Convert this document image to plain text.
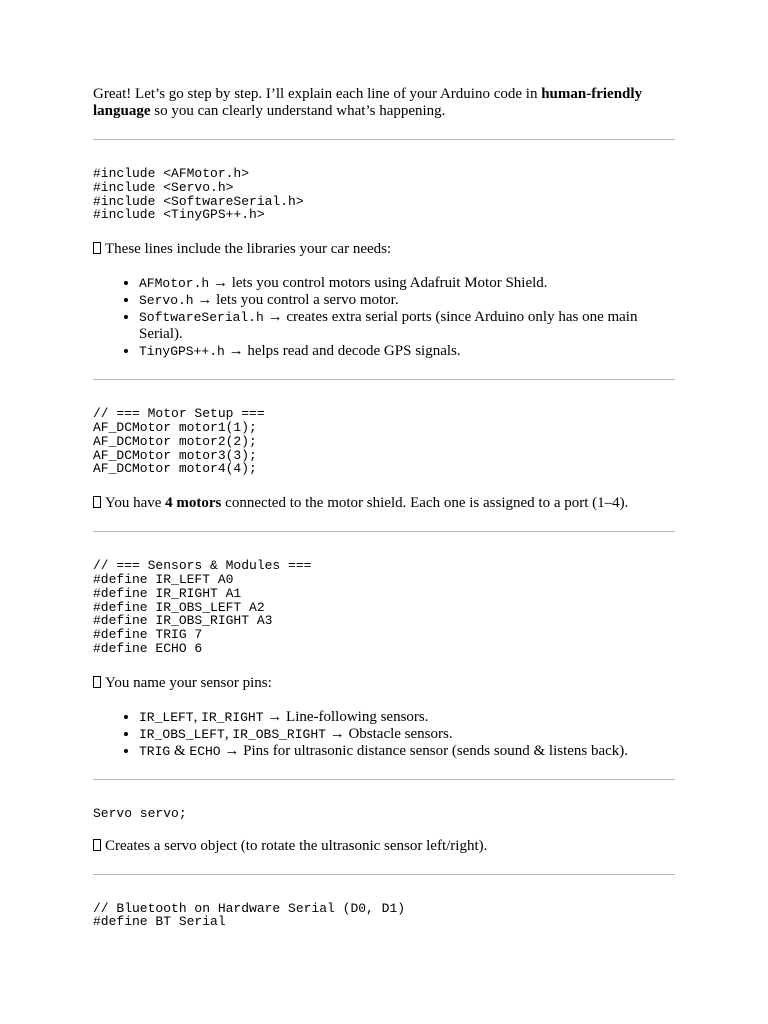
Great! Let’s go step by step. I’ll explain each line of your Arduino code in human-friendly language so you can clearly understand what’s happening.

#include <AFMotor.h>
#include <Servo.h>
#include <SoftwareSerial.h>
#include <TinyGPS++.h>

These lines include the libraries your car needs:

• AFMotor.h → lets you control motors using Adafruit Motor Shield.
• Servo.h → lets you control a servo motor.
• SoftwareSerial.h → creates extra serial ports (since Arduino only has one main Serial).
• TinyGPS++.h → helps read and decode GPS signals.
// === Motor Setup ===
AF_DCMotor motor1(1);
AF_DCMotor motor2(2);
AF_DCMotor motor3(3);
AF_DCMotor motor4(4);

You have 4 motors connected to the motor shield. Each one is assigned to a port (1–4).

// === Sensors & Modules ===
#define IR_LEFT A0
#define IR_RIGHT A1
#define IR_OBS_LEFT A2
#define IR_OBS_RIGHT A3
#define TRIG 7
#define ECHO 6

You name your sensor pins:

• IR_LEFT, IR_RIGHT → Line-following sensors.
• IR_OBS_LEFT, IR_OBS_RIGHT → Obstacle sensors.
• TRIG & ECHO → Pins for ultrasonic distance sensor (sends sound & listens back).
Servo servo;

Creates a servo object (to rotate the ultrasonic sensor left/right).

// Bluetooth on Hardware Serial (D0, D1)
#define BT Serial
